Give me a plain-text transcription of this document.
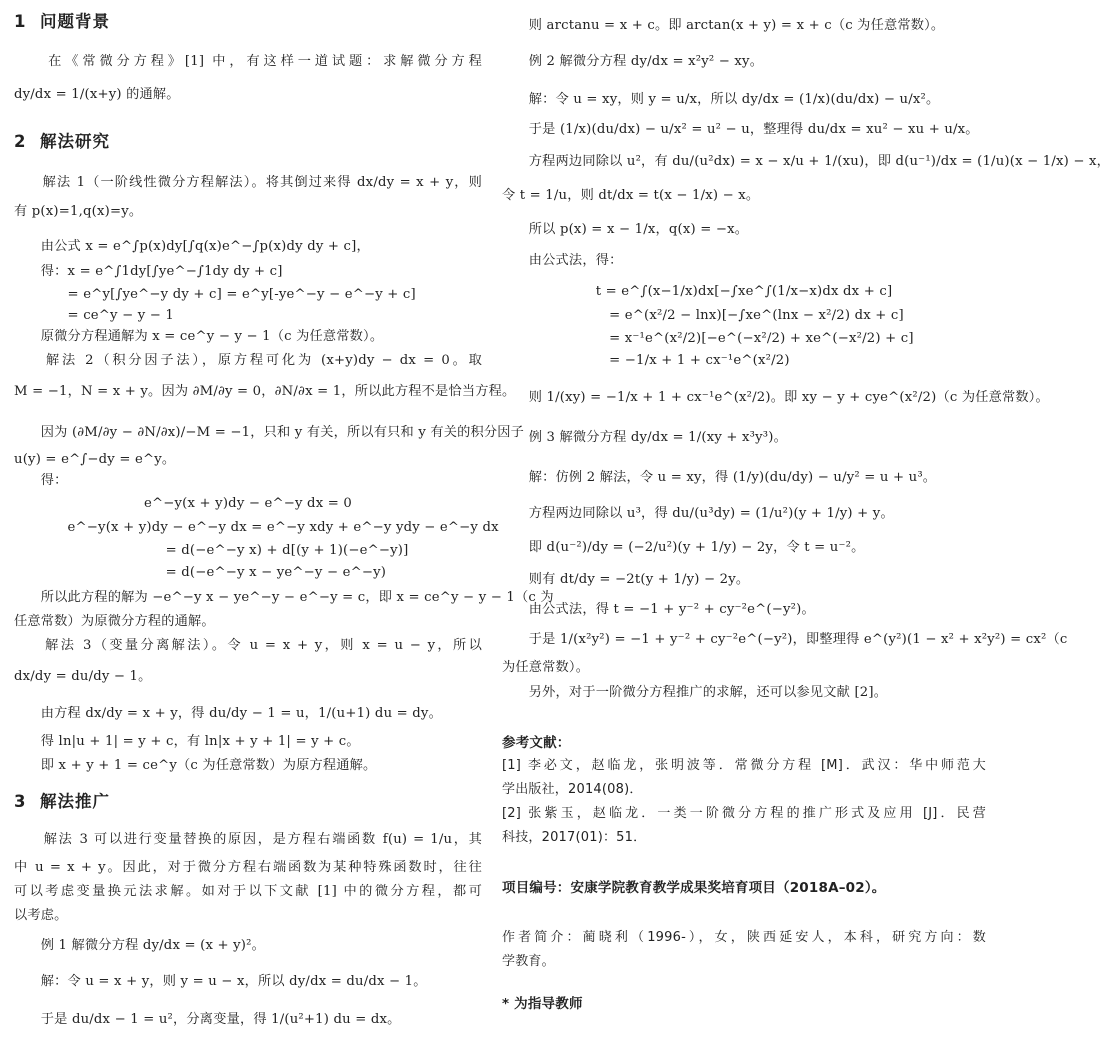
1 问题背景
　　在《常微分方程》[1] 中，有这样一道试题：求解微分方程
dy/dx = 1/(x+y) 的通解。
2 解法研究
　　解法 1（一阶线性微分方程解法）。将其倒过来得 dx/dy = x + y，则
有 p(x)=1,q(x)=y。
　　由公式 x = e^∫p(x)dy[∫q(x)e^−∫p(x)dy dy + c]，
　　得：x = e^∫1dy[∫ye^−∫1dy dy + c]
　　　　= e^y[∫ye^−y dy + c] = e^y[-ye^−y − e^−y + c]
　　　　= ce^y − y − 1
　　原微分方程通解为 x = ce^y − y − 1（c 为任意常数）。
　　解法 2（积分因子法），原方程可化为 (x+y)dy − dx = 0。取
M = −1，N = x + y。因为 ∂M/∂y = 0，∂N/∂x = 1，所以此方程不是恰当方程。
　　因为 (∂M/∂y − ∂N/∂x)/−M = −1，只和 y 有关，所以有只和 y 有关的积分因子
u(y) = e^∫−dy = e^y。
　　得：
e^−y(x + y)dy − e^−y dx = 0
　　　　e^−y(x + y)dy − e^−y dx = e^−y xdy + e^−y ydy − e^−y dx
　　　　　　　　　　　 = d(−e^−y x) + d[(y + 1)(−e^−y)]
　　　　　　　　　　　 = d(−e^−y x − ye^−y − e^−y)
　　所以此方程的解为 −e^−y x − ye^−y − e^−y = c，即 x = ce^y − y − 1（c 为
任意常数）为原微分方程的通解。
　　解法 3（变量分离解法）。令 u = x + y，则 x = u − y，所以
dx/dy = du/dy − 1。
　　由方程 dx/dy = x + y，得 du/dy − 1 = u，1/(u+1) du = dy。
　　得 ln|u + 1| = y + c，有 ln|x + y + 1| = y + c。
　　即 x + y + 1 = ce^y（c 为任意常数）为原方程通解。
3 解法推广
　　解法 3 可以进行变量替换的原因，是方程右端函数 f(u) = 1/u，其
中 u = x + y。因此，对于微分方程右端函数为某种特殊函数时，往往
可以考虑变量换元法求解。如对于以下文献 [1] 中的微分方程，都可
以考虑。
　　例 1 解微分方程 dy/dx = (x + y)²。
　　解：令 u = x + y，则 y = u − x，所以 dy/dx = du/dx − 1。
　　于是 du/dx − 1 = u²，分离变量，得 1/(u²+1) du = dx。
　　则 arctanu = x + c。即 arctan(x + y) = x + c（c 为任意常数）。
　　例 2 解微分方程 dy/dx = x²y² − xy。
　　解：令 u = xy，则 y = u/x，所以 dy/dx = (1/x)(du/dx) − u/x²。
　　于是 (1/x)(du/dx) − u/x² = u² − u，整理得 du/dx = xu² − xu + u/x。
　　方程两边同除以 u²，有 du/(u²dx) = x − x/u + 1/(xu)，即 d(u⁻¹)/dx = (1/u)(x − 1/x) − x，
令 t = 1/u，则 dt/dx = t(x − 1/x) − x。
　　所以 p(x) = x − 1/x，q(x) = −x。
　　由公式法，得：
　　　　　　　t = e^∫(x−1/x)dx[−∫xe^∫(1/x−x)dx dx + c]
　　　　　　　　= e^(x²/2 − lnx)[−∫xe^(lnx − x²/2) dx + c]
　　　　　　　　= x⁻¹e^(x²/2)[−e^(−x²/2) + xe^(−x²/2) + c]
　　　　　　　　= −1/x + 1 + cx⁻¹e^(x²/2)
　　则 1/(xy) = −1/x + 1 + cx⁻¹e^(x²/2)。即 xy − y + cye^(x²/2)（c 为任意常数）。
　　例 3 解微分方程 dy/dx = 1/(xy + x³y³)。
　　解：仿例 2 解法，令 u = xy，得 (1/y)(du/dy) − u/y² = u + u³。
　　方程两边同除以 u³，得 du/(u³dy) = (1/u²)(y + 1/y) + y。
　　即 d(u⁻²)/dy = (−2/u²)(y + 1/y) − 2y，令 t = u⁻²。
　　则有 dt/dy = −2t(y + 1/y) − 2y。
　　由公式法，得 t = −1 + y⁻² + cy⁻²e^(−y²)。
　　于是 1/(x²y²) = −1 + y⁻² + cy⁻²e^(−y²)，即整理得 e^(y²)(1 − x² + x²y²) = cx²（c
为任意常数）。
　　另外，对于一阶微分方程推广的求解，还可以参见文献 [2]。
参考文献：
[1] 李必文，赵临龙，张明波等．常微分方程 [M]．武汉：华中师范大
学出版社，2014(08)．
[2] 张紫玉，赵临龙．一类一阶微分方程的推广形式及应用 [J]．民营
科技，2017(01)：51．
项目编号：安康学院教育教学成果奖培育项目（2018A–02）。
作者简介：蔺晓利（1996-），女，陕西延安人，本科，研究方向：数
学教育。
* 为指导教师
